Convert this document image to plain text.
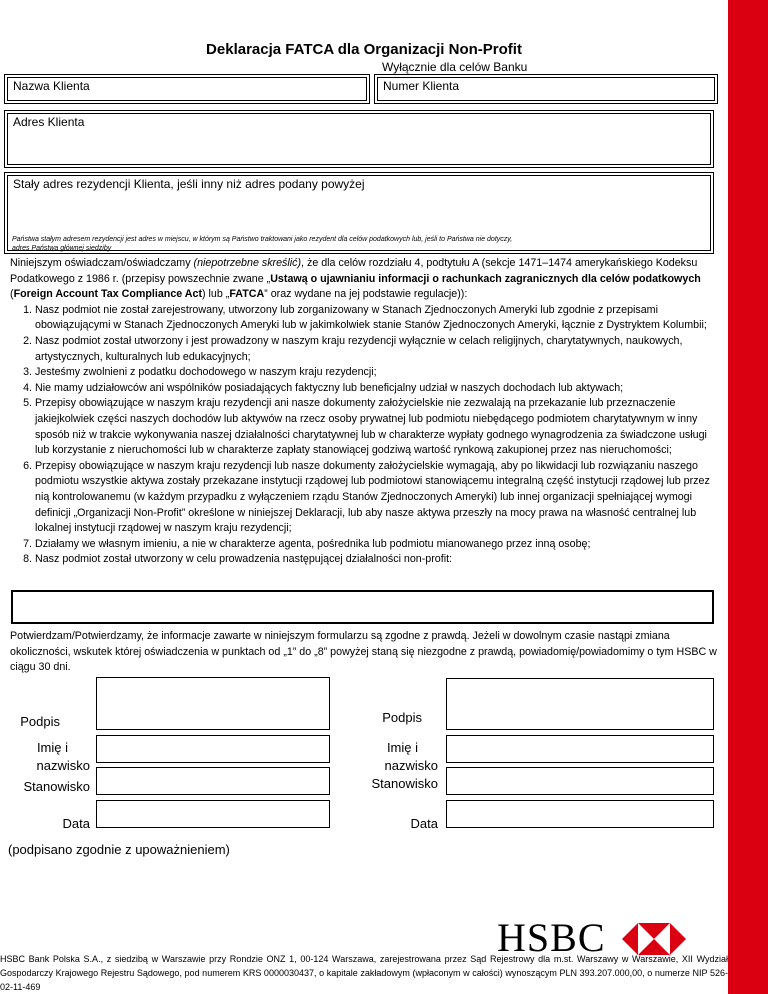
Deklaracja FATCA dla Organizacji Non-Profit
Wyłącznie dla celów Banku
Nazwa Klienta	Numer Klienta
Adres Klienta
Stały adres rezydencji Klienta, jeśli inny niż adres podany powyżej
Państwa stałym adresem rezydencji jest adres w miejscu, w którym są Państwo traktowani jako rezydent dla celów podatkowych lub, jeśli to Państwa nie dotyczy,
adres Państwa głównej siedziby

Niniejszym oświadczam/oświadczamy (niepotrzebne skreślić), że dla celów rozdziału 4, podtytułu A (sekcje 1471–1474 amerykańskiego Kodeksu Podatkowego z 1986 r. (przepisy powszechnie zwane „Ustawą o ujawnianiu informacji o rachunkach zagranicznych dla celów podatkowych (Foreign Account Tax Compliance Act) lub „FATCA” oraz wydane na jej podstawie regulacje)):

1. Nasz podmiot nie został zarejestrowany, utworzony lub zorganizowany w Stanach Zjednoczonych Ameryki lub zgodnie z przepisami obowiązującymi w Stanach Zjednoczonych Ameryki lub w jakimkolwiek stanie Stanów Zjednoczonych Ameryki, łącznie z Dystryktem Kolumbii;
2. Nasz podmiot został utworzony i jest prowadzony w naszym kraju rezydencji wyłącznie w celach religijnych, charytatywnych, naukowych, artystycznych, kulturalnych lub edukacyjnych;
3. Jesteśmy zwolnieni z podatku dochodowego w naszym kraju rezydencji;
4. Nie mamy udziałowców ani wspólników posiadających faktyczny lub beneficjalny udział w naszych dochodach lub aktywach;
5. Przepisy obowiązujące w naszym kraju rezydencji ani nasze dokumenty założycielskie nie zezwalają na przekazanie lub przeznaczenie jakiejkolwiek części naszych dochodów lub aktywów na rzecz osoby prywatnej lub podmiotu niebędącego podmiotem charytatywnym w inny sposób niż w trakcie wykonywania naszej działalności charytatywnej lub w charakterze wypłaty godnego wynagrodzenia za świadczone usługi lub korzystanie z nieruchomości lub w charakterze zapłaty stanowiącej godziwą wartość rynkową zakupionej przez nas nieruchomości;
6. Przepisy obowiązujące w naszym kraju rezydencji lub nasze dokumenty założycielskie wymagają, aby po likwidacji lub rozwiązaniu naszego podmiotu wszystkie aktywa zostały przekazane instytucji rządowej lub podmiotowi stanowiącemu integralną część instytucji rządowej lub przez nią kontrolowanemu (w każdym przypadku z wyłączeniem rządu Stanów Zjednoczonych Ameryki) lub innej organizacji spełniającej wymogi definicji „Organizacji Non-Profit” określone w niniejszej Deklaracji, lub aby nasze aktywa przeszły na mocy prawa na własność centralnej lub lokalnej instytucji rządowej w naszym kraju rezydencji;
7. Działamy we własnym imieniu, a nie w charakterze agenta, pośrednika lub podmiotu mianowanego przez inną osobę;
8. Nasz podmiot został utworzony w celu prowadzenia następującej działalności non-profit:
Potwierdzam/Potwierdzamy, że informacje zawarte w niniejszym formularzu są zgodne z prawdą. Jeżeli w dowolnym czasie nastąpi zmiana okoliczności, wskutek której oświadczenia w punktach od „1” do „8” powyżej staną się niezgodne z prawdą, powiadomię/powiadomimy o tym HSBC w ciągu 30 dni.
Podpis
Imię i
nazwisko
Stanowisko
Data
Podpis
Imię i
nazwisko
Stanowisko
Data
(podpisano zgodnie z upoważnieniem)
HSBC
HSBC Bank Polska S.A., z siedzibą w Warszawie przy Rondzie ONZ 1, 00-124 Warszawa, zarejestrowana przez Sąd Rejestrowy dla m.st. Warszawy w Warszawie, XII Wydział Gospodarczy Krajowego Rejestru Sądowego, pod numerem KRS 0000030437, o kapitale zakładowym (wpłaconym w całości) wynoszącym PLN 393.207.000,00, o numerze NIP 526-02-11-469
